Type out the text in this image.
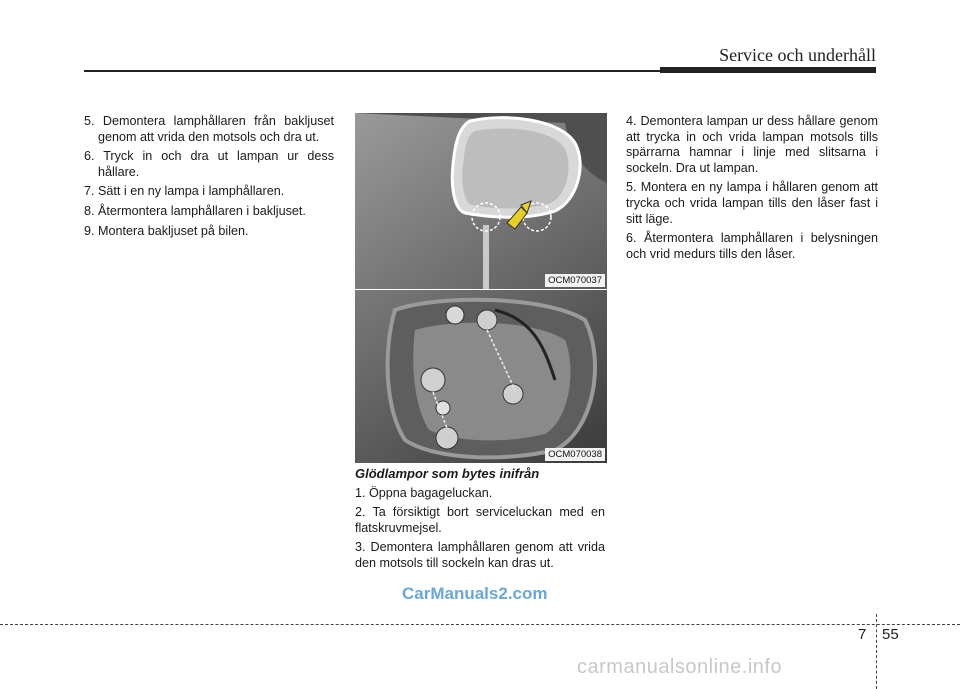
Service och underhåll

5. Demontera lamphållaren från bakljuset genom att vrida den motsols och dra ut.

6. Tryck in och dra ut lampan ur dess hållare.

7. Sätt i en ny lampa i lamphållaren.

8. Återmontera lamphållaren i bakljuset.

9. Montera bakljuset på bilen.

OCM070037
OCM070038

Glödlampor som bytes inifrån

1. Öppna bagageluckan.

2. Ta försiktigt bort serviceluckan med en flatskruvmejsel.

3. Demontera lamphållaren genom att vrida den motsols till sockeln kan dras ut.

4. Demontera lampan ur dess hållare genom att trycka in och vrida lampan motsols tills spärrarna hamnar i linje med slitsarna i sockeln. Dra ut lampan.

5. Montera en ny lampa i hållaren genom att trycka och vrida lampan tills den låser fast i sitt läge.

6. Återmontera lamphållaren i belysningen och vrid medurs tills den låser.

CarManuals2.com
7 55
carmanualsonline.info
